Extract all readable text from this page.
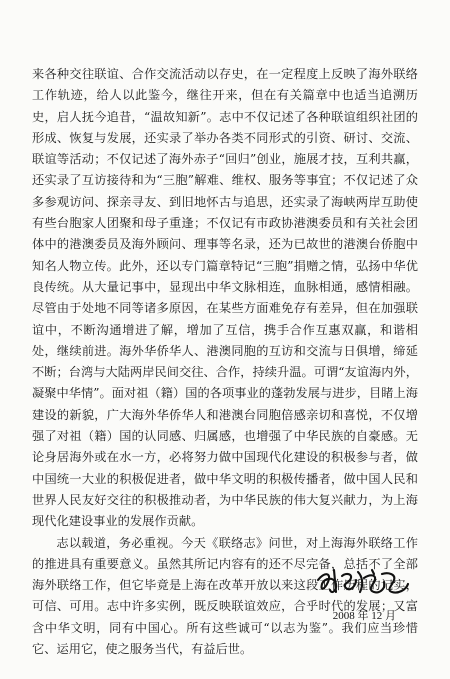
来各种交往联谊、合作交流活动以存史，在一定程度上反映了海外联络工作轨迹，给人以此鉴今，继往开来，但在有关篇章中也适当追溯历史，启人抚今追昔，“温故知新”。志中不仅记述了各种联谊组织社团的形成、恢复与发展，还实录了举办各类不同形式的引资、研讨、交流、联谊等活动；不仅记述了海外赤子“回归”创业，施展才技，互利共赢，还实录了互访接待和为“三胞”解难、维权、服务等事宜；不仅记述了众多参观访问、探亲寻友、到旧地怀古与追思，还实录了海峡两岸互助使有些台胞家人团聚和母子重逢；不仅记有市政协港澳委员和有关社会团体中的港澳委员及海外顾问、理事等名录，还为已故世的港澳台侨胞中知名人物立传。此外，还以专门篇章特记“三胞”捐赠之情，弘扬中华优良传统。从大量记事中，显现出中华文脉相连，血脉相通，感情相融。尽管由于处地不同等诸多原因，在某些方面难免存有差异，但在加强联谊中，不断沟通增进了解，增加了互信，携手合作互惠双赢，和谐相处，继续前进。海外华侨华人、港澳同胞的互访和交流与日俱增，缔延不断；台湾与大陆两岸民间交往、合作，持续升温。可谓“友谊海内外，凝聚中华情”。面对祖（籍）国的各项事业的蓬勃发展与进步，目睹上海建设的新貌，广大海外华侨华人和港澳台同胞倍感亲切和喜悦，不仅增强了对祖（籍）国的认同感、归属感，也增强了中华民族的自豪感。无论身居海外或在水一方，必将努力做中国现代化建设的积极参与者，做中国统一大业的积极促进者，做中华文明的积极传播者，做中国人民和世界人民友好交往的积极推动者，为中华民族的伟大复兴献力，为上海现代化建设事业的发展作贡献。

志以载道，务必重视。今天《联络志》问世，对上海海外联络工作的推进具有重要意义。虽然其所记内容有的还不尽完备，总括不了全部海外联络工作，但它毕竟是上海在改革开放以来这段工作历程的记实，可信、可用。志中许多实例，既反映联谊效应，合乎时代的发展；又富含中华文明，同有中国心。所有这些诚可“以志为鉴”。我们应当珍惜它、运用它，使之服务当代，有益后世。

2008 年 12 月
